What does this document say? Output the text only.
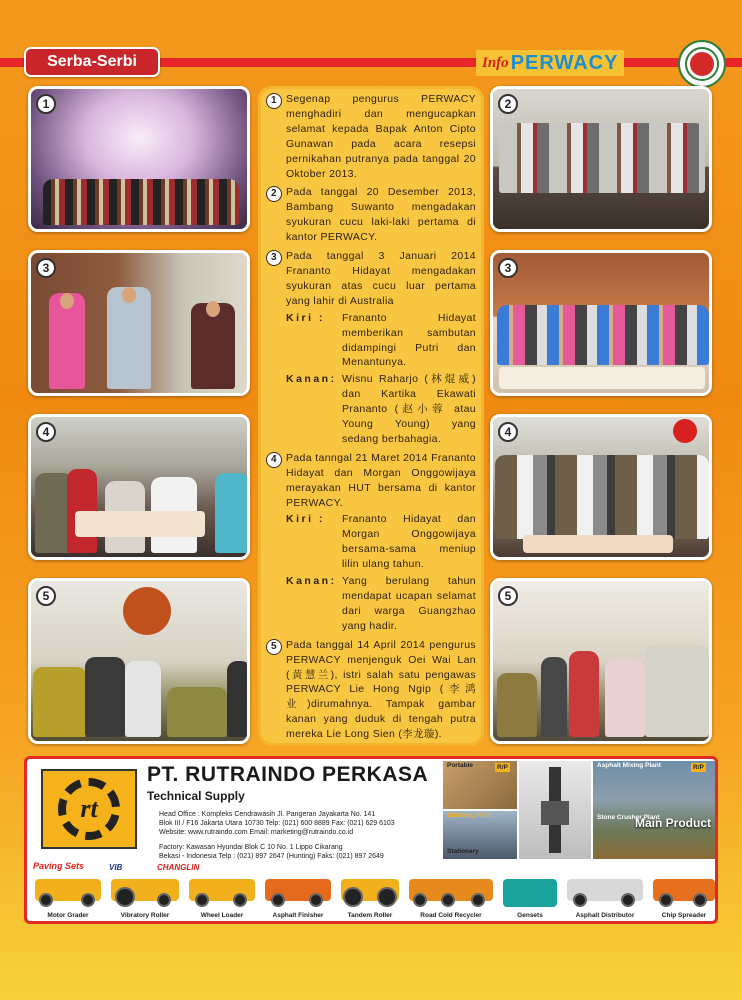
Serba-Serbi	Info PERWACY
1
3
4
5
2
3
4
5
1 Segenap pengurus PERWACY menghadiri dan mengucapkan selamat kepada Bapak Anton Cipto Gunawan pada acara resepsi pernikahan putranya pada tanggal 20 Oktober 2013.
2 Pada tanggal 20 Desember 2013, Bambang Suwanto mengadakan syukuran cucu laki-laki pertama di kantor PERWACY.
3 Pada tanggal 3 Januari 2014 Frananto Hidayat mengadakan syukuran atas cucu luar pertama yang lahir di Australia
Kiri :	Frananto Hidayat memberikan sambutan didampingi Putri dan Menantunya.
Kanan: Wisnu Raharjo (林焜威) dan Kartika Ekawati Prananto (赵小蓉 atau Young Young) yang sedang berbahagia.
4 Pada tanngal 21 Maret 2014 Frananto Hidayat dan Morgan Onggowijaya merayakan HUT bersama di kantor PERWACY.
Kiri :	Frananto Hidayat dan Morgan Onggowijaya bersama-sama meniup lilin ulang tahun.
Kanan: Yang berulang tahun mendapat ucapan selamat dari warga Guangzhao yang hadir.
5 Pada tanggal 14 April 2014 pengurus PERWACY menjenguk Oei Wai Lan (黄慧兰), istri salah satu pengawas PERWACY Lie Hong Ngip (李鸿业)dirumahnya. Tampak gambar kanan yang duduk di tengah putra mereka Lie Long Sien (李龙璇).
rt
PT. RUTRAINDO PERKASA
Technical Supply
Head Office : Kompleks Cendrawasih Jl. Pangeran Jayakarta No. 141
Blok III / F16 Jakarta Utara 10730 Telp: (021) 600 8889 Fax: (021) 629 6103
Website: www.rutraindo.com Email: marketing@rutraindo.co.id
Factory: Kawasan Hyundai Blok C 10 No. 1 Lippo Cikarang
Bekasi - Indonesia Telp : (021) 897 2647 (Hunting) Faks: (021) 897 2649
Portable	R/P
Batching Plant
Stationary
Asphalt Mixing Plant	R/P
Stone Crusher Plant
Main Product
Paving Sets	VIB	CHANGLIN
Motor Grader	Vibratory Roller	Wheel Loader	Asphalt Finisher	Tandem Roller	Road Cold Recycler	Gensets	Asphalt Distributor	Chip Spreader
